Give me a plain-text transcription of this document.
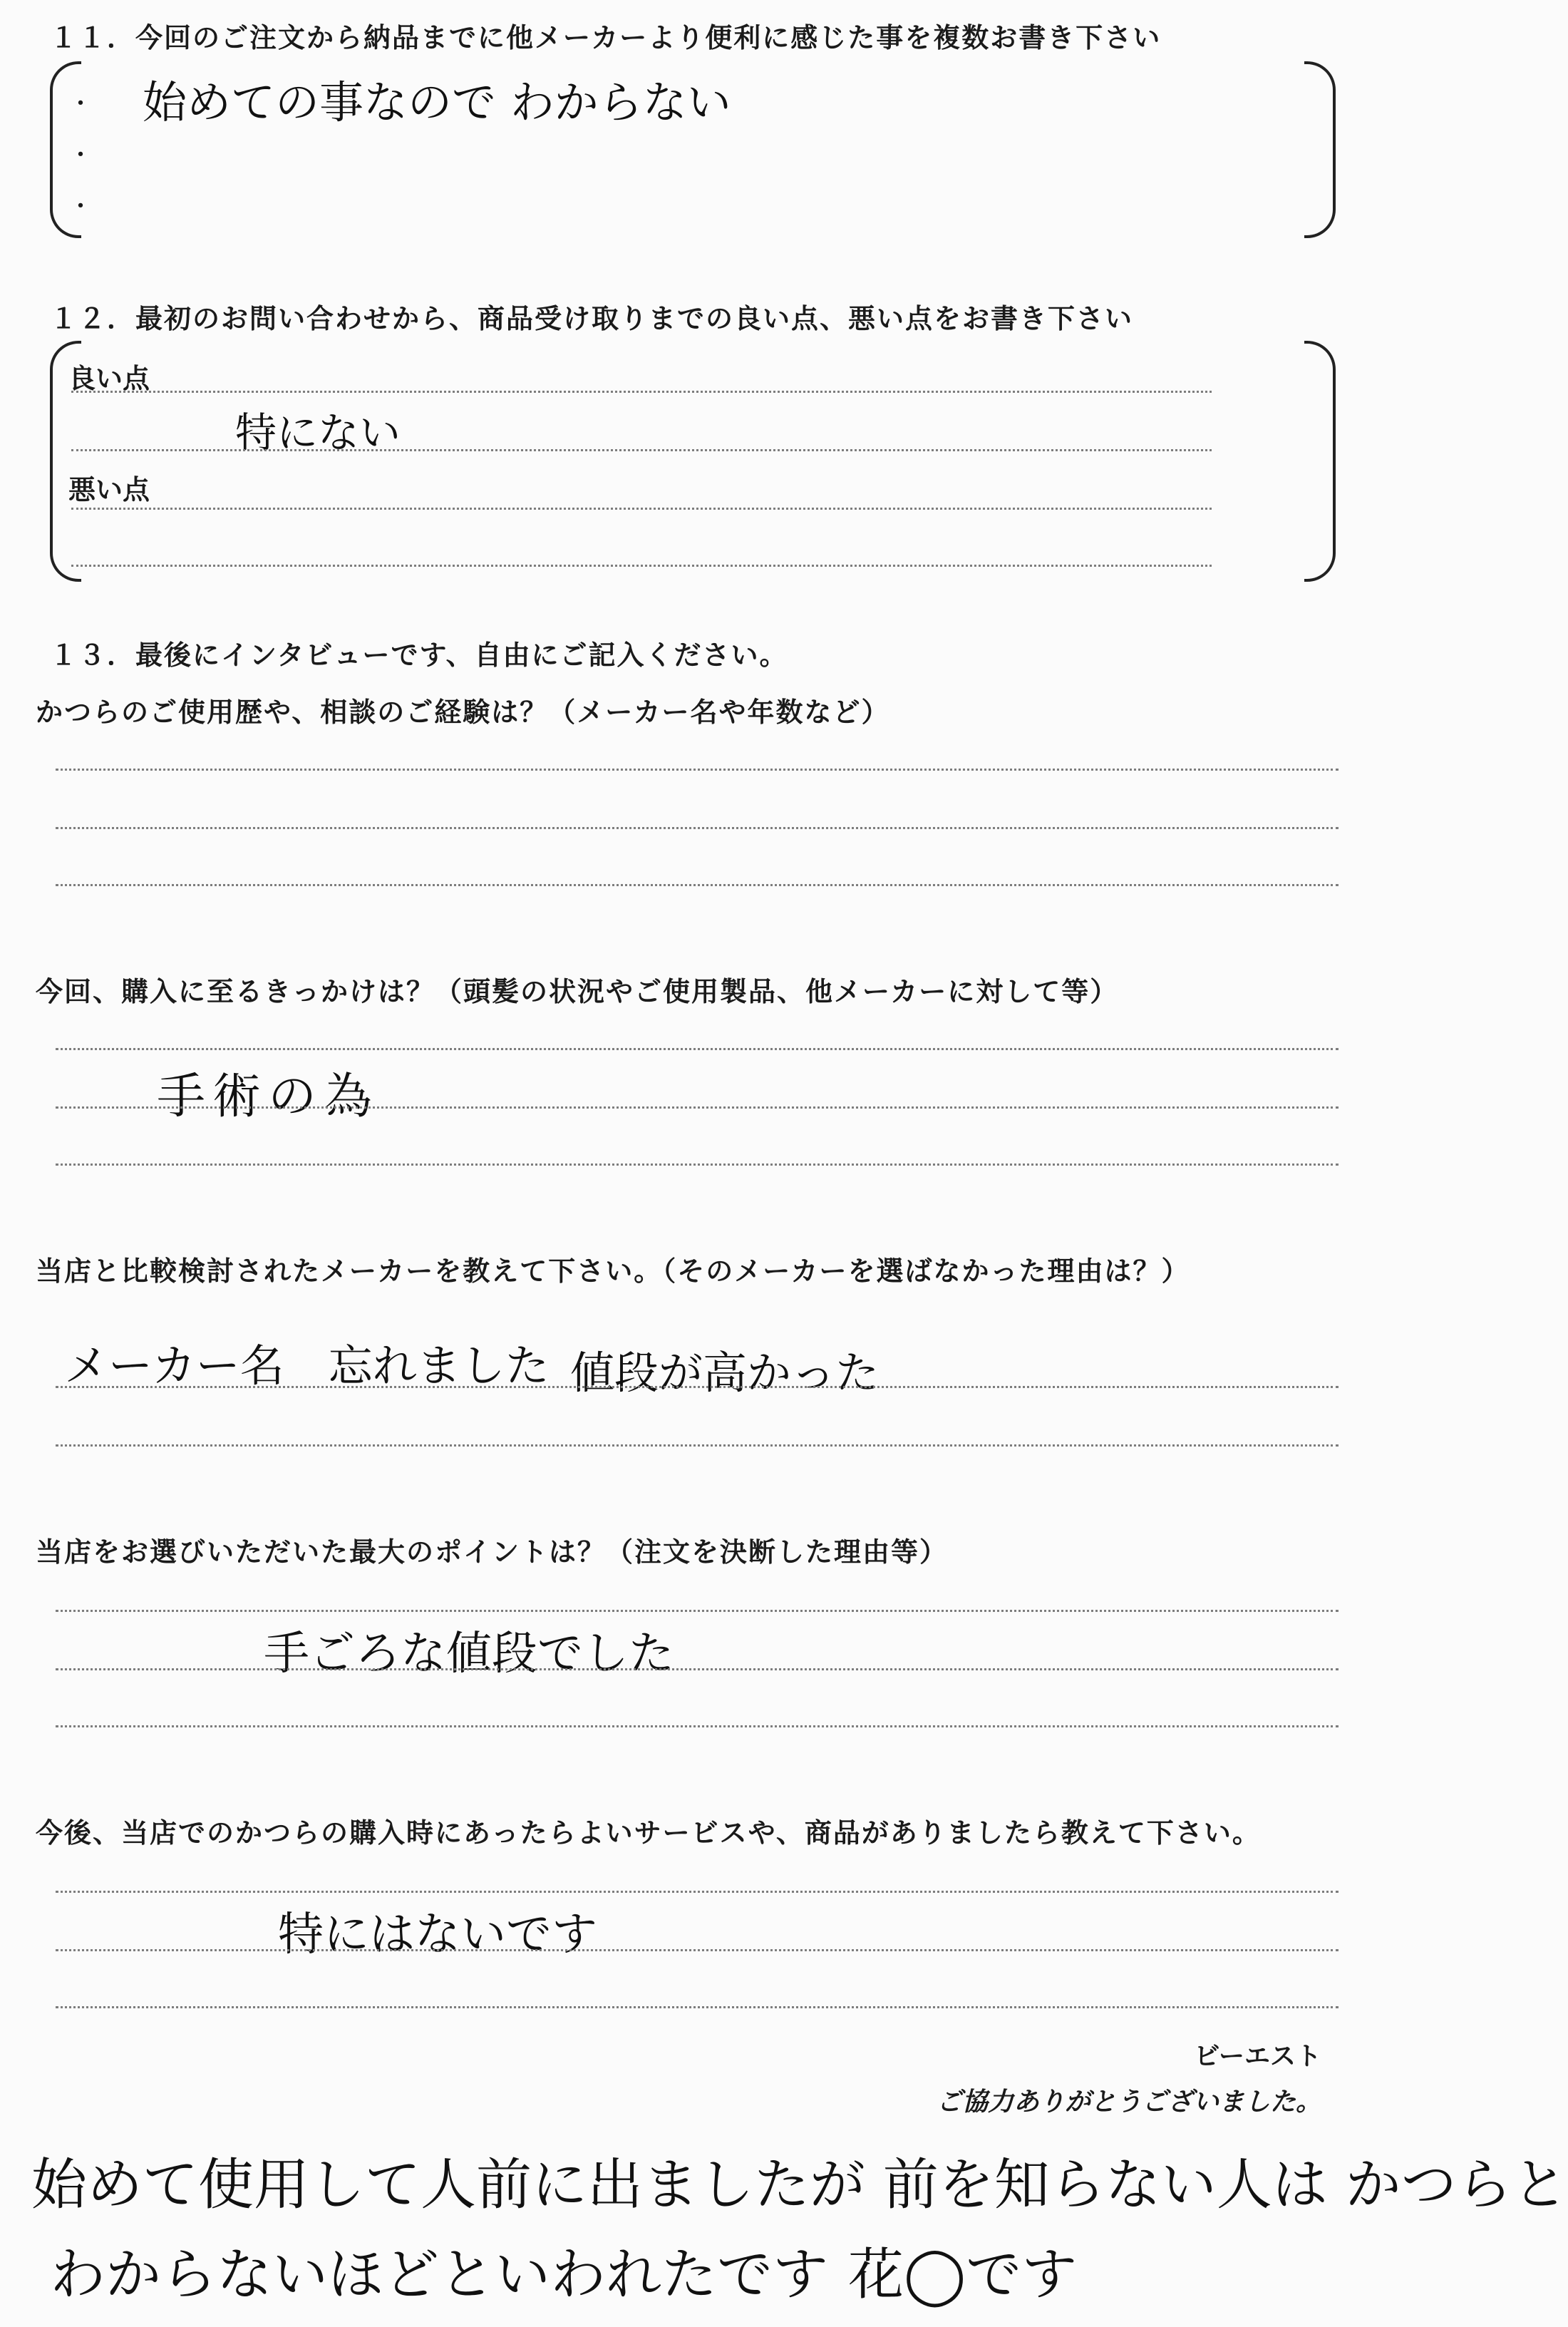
１１．今回のご注文から納品までに他メーカーより便利に感じた事を複数お書き下さい
・
・
・
始めての事なので わからない
１２．最初のお問い合わせから、商品受け取りまでの良い点、悪い点をお書き下さい
良い点
特にない
悪い点
１３．最後にインタビューです、自由にご記入ください。
かつらのご使用歴や、相談のご経験は？（メーカー名や年数など）
今回、購入に至るきっかけは？（頭髪の状況やご使用製品、他メーカーに対して等）
手術の為
当店と比較検討されたメーカーを教えて下さい。（そのメーカーを選ばなかった理由は？）
メーカー名　忘れました 値段が高かった
当店をお選びいただいた最大のポイントは？（注文を決断した理由等）
手ごろな値段でした
今後、当店でのかつらの購入時にあったらよいサービスや、商品がありましたら教えて下さい。
特にはないです
ビーエスト
ご協力ありがとうございました。
始めて使用して人前に出ましたが 前を知らない人は かつらと
わからないほどといわれたです 花◯です
